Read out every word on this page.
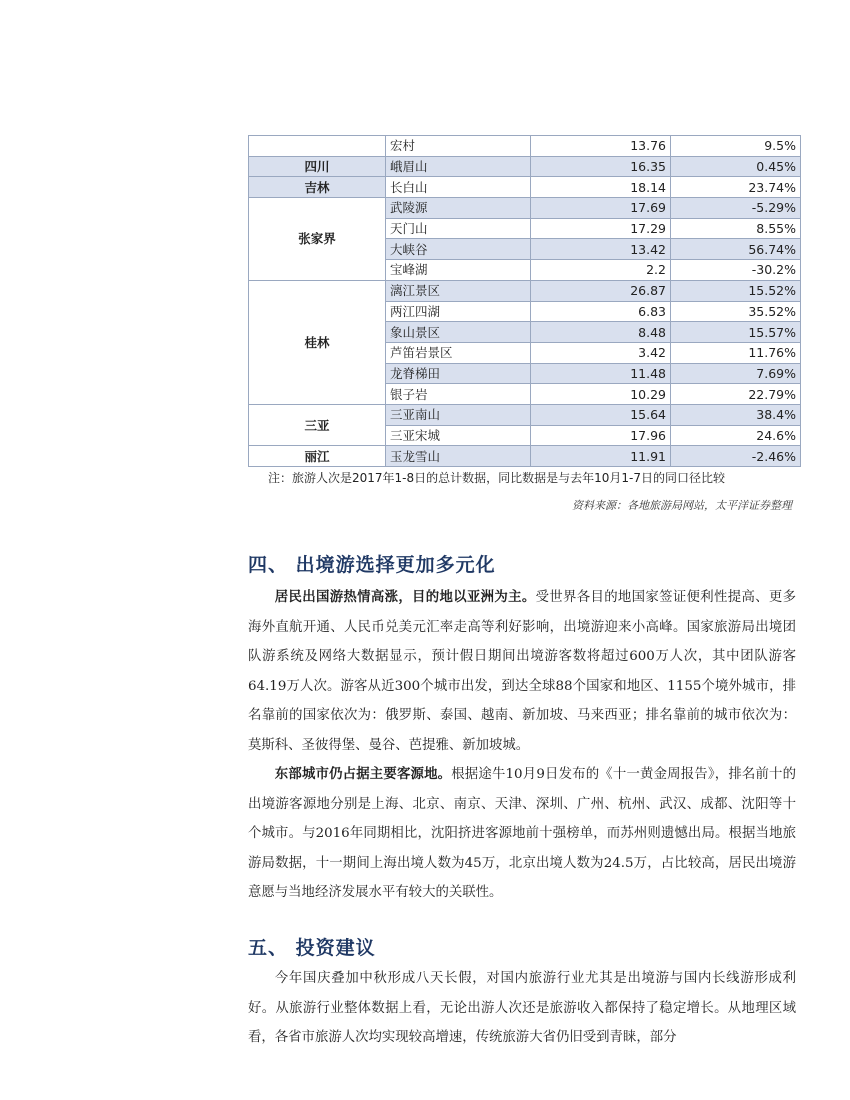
	宏村	13.76	9.5%
四川	峨眉山	16.35	0.45%
吉林	长白山	18.14	23.74%
张家界	武陵源	17.69	-5.29%
	天门山	17.29	8.55%
	大峡谷	13.42	56.74%
	宝峰湖	2.2	-30.2%
桂林	漓江景区	26.87	15.52%
	两江四湖	6.83	35.52%
	象山景区	8.48	15.57%
	芦笛岩景区	3.42	11.76%
	龙脊梯田	11.48	7.69%
	银子岩	10.29	22.79%
三亚	三亚南山	15.64	38.4%
	三亚宋城	17.96	24.6%
丽江	玉龙雪山	11.91	-2.46%
注：旅游人次是2017年1-8日的总计数据，同比数据是与去年10月1-7日的同口径比较
资料来源：各地旅游局网站，太平洋证券整理
四、 出境游选择更加多元化

居民出国游热情高涨，目的地以亚洲为主。受世界各目的地国家签证便利性提高、更多海外直航开通、人民币兑美元汇率走高等利好影响，出境游迎来小高峰。国家旅游局出境团队游系统及网络大数据显示，预计假日期间出境游客数将超过600万人次，其中团队游客64.19万人次。游客从近300个城市出发，到达全球88个国家和地区、1155个境外城市，排名靠前的国家依次为：俄罗斯、泰国、越南、新加坡、马来西亚；排名靠前的城市依次为：莫斯科、圣彼得堡、曼谷、芭提雅、新加坡城。

东部城市仍占据主要客源地。根据途牛10月9日发布的《十一黄金周报告》，排名前十的出境游客源地分别是上海、北京、南京、天津、深圳、广州、杭州、武汉、成都、沈阳等十个城市。与2016年同期相比，沈阳挤进客源地前十强榜单，而苏州则遗憾出局。根据当地旅游局数据，十一期间上海出境人数为45万，北京出境人数为24.5万，占比较高，居民出境游意愿与当地经济发展水平有较大的关联性。

五、 投资建议

今年国庆叠加中秋形成八天长假，对国内旅游行业尤其是出境游与国内长线游形成利好。从旅游行业整体数据上看，无论出游人次还是旅游收入都保持了稳定增长。从地理区域看，各省市旅游人次均实现较高增速，传统旅游大省仍旧受到青睐，部分
